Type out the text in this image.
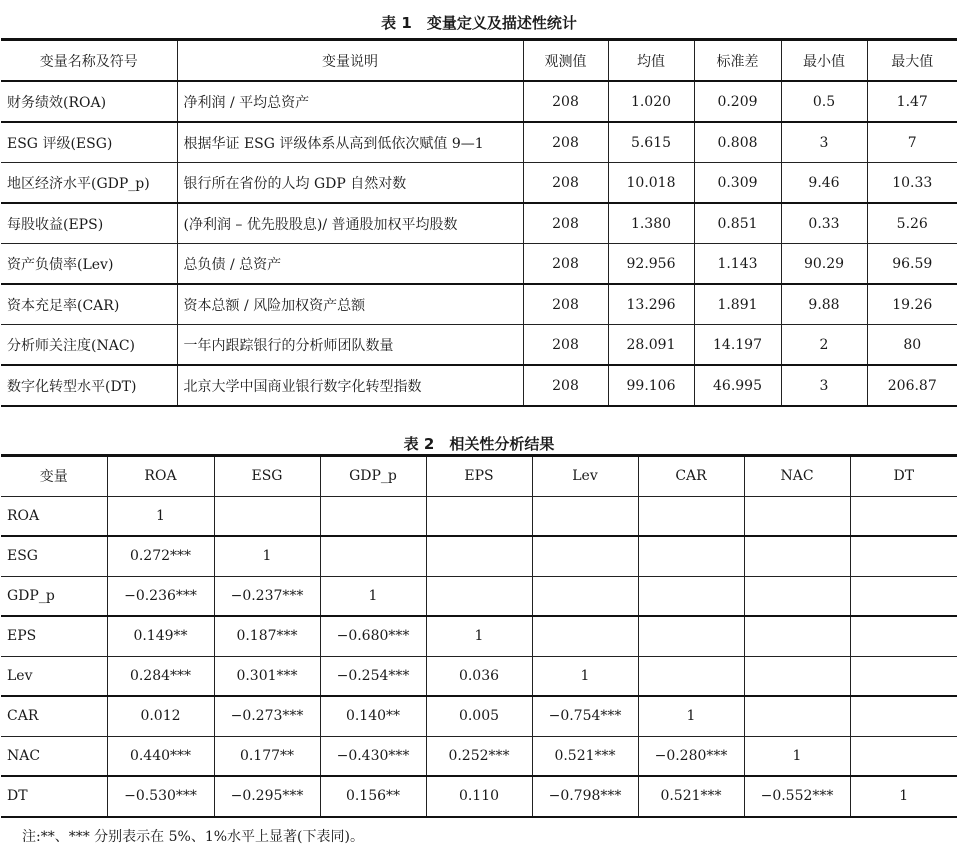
表 1　变量定义及描述性统计
变量名称及符号	变量说明	观测值	均值	标准差	最小值	最大值
财务绩效(ROA)	净利润 / 平均总资产	208	1.020	0.209	0.5	1.47
ESG 评级(ESG)	根据华证 ESG 评级体系从高到低依次赋值 9—1	208	5.615	0.808	3	7
地区经济水平(GDP_p)	银行所在省份的人均 GDP 自然对数	208	10.018	0.309	9.46	10.33
每股收益(EPS)	(净利润 – 优先股股息)/ 普通股加权平均股数	208	1.380	0.851	0.33	5.26
资产负债率(Lev)	总负债 / 总资产	208	92.956	1.143	90.29	96.59
资本充足率(CAR)	资本总额 / 风险加权资产总额	208	13.296	1.891	9.88	19.26
分析师关注度(NAC)	一年内跟踪银行的分析师团队数量	208	28.091	14.197	2	80
数字化转型水平(DT)	北京大学中国商业银行数字化转型指数	208	99.106	46.995	3	206.87
表 2　相关性分析结果
变量	ROA	ESG	GDP_p	EPS	Lev	CAR	NAC	DT
ROA	1							
ESG	0.272***	1						
GDP_p	−0.236***	−0.237***	1					
EPS	0.149**	0.187***	−0.680***	1				
Lev	0.284***	0.301***	−0.254***	0.036	1			
CAR	0.012	−0.273***	0.140**	0.005	−0.754***	1		
NAC	0.440***	0.177**	−0.430***	0.252***	0.521***	−0.280***	1	
DT	−0.530***	−0.295***	0.156**	0.110	−0.798***	0.521***	−0.552***	1
注:**、*** 分别表示在 5%、1%水平上显著(下表同)。
